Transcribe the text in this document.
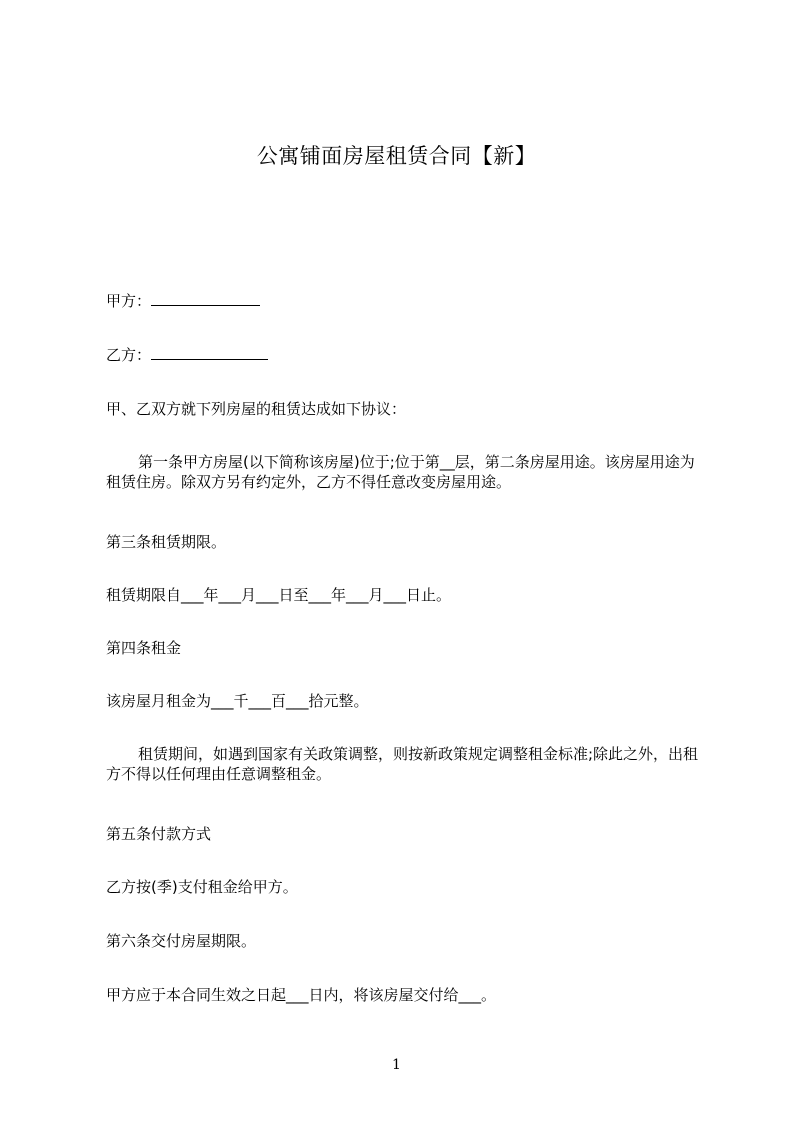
公寓铺面房屋租赁合同【新】
甲方：
乙方：
甲、乙双方就下列房屋的租赁达成如下协议：
第一条甲方房屋(以下简称该房屋)位于;位于第__层，第二条房屋用途。该房屋用途为租赁住房。除双方另有约定外，乙方不得任意改变房屋用途。
第三条租赁期限。
租赁期限自___年___月___日至___年___月___日止。
第四条租金
该房屋月租金为___千___百___拾元整。
租赁期间，如遇到国家有关政策调整，则按新政策规定调整租金标准;除此之外，出租方不得以任何理由任意调整租金。
第五条付款方式
乙方按(季)支付租金给甲方。
第六条交付房屋期限。
甲方应于本合同生效之日起___日内，将该房屋交付给___。
1
